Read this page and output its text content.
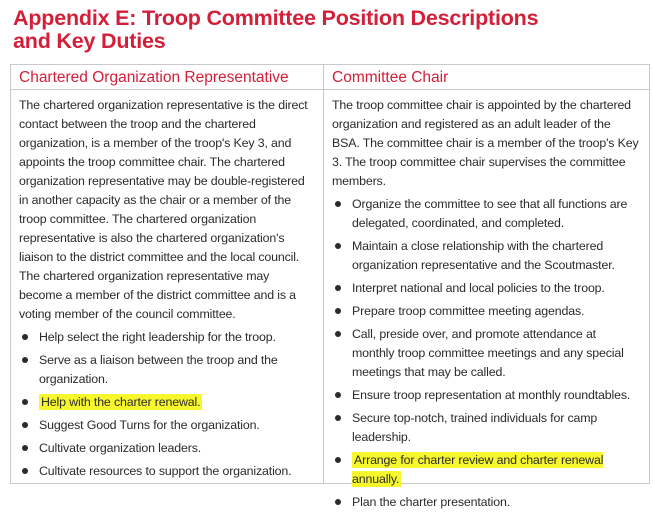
Appendix E: Troop Committee Position Descriptions
and Key Duties
Chartered Organization Representative

The chartered organization representative is the direct contact between the troop and the chartered organization, is a member of the troop's Key 3, and appoints the troop committee chair. The chartered organization representative may be double-registered in another capacity as the chair or a member of the troop committee. The chartered organization representative is also the chartered organization's liaison to the district committee and the local council. The chartered organization representative may become a member of the district committee and is a voting member of the council committee.

Help select the right leadership for the troop.
Serve as a liaison between the troop and the organization.
Help with the charter renewal.
Suggest Good Turns for the organization.
Cultivate organization leaders.
Cultivate resources to support the organization.
Committee Chair

The troop committee chair is appointed by the chartered organization and registered as an adult leader of the BSA. The committee chair is a member of the troop's Key 3. The troop committee chair supervises the committee members.

Organize the committee to see that all functions are delegated, coordinated, and completed.
Maintain a close relationship with the chartered organization representative and the Scoutmaster.
Interpret national and local policies to the troop.
Prepare troop committee meeting agendas.
Call, preside over, and promote attendance at monthly troop committee meetings and any special meetings that may be called.
Ensure troop representation at monthly roundtables.
Secure top-notch, trained individuals for camp leadership.
Arrange for charter review and charter renewal annually.
Plan the charter presentation.
